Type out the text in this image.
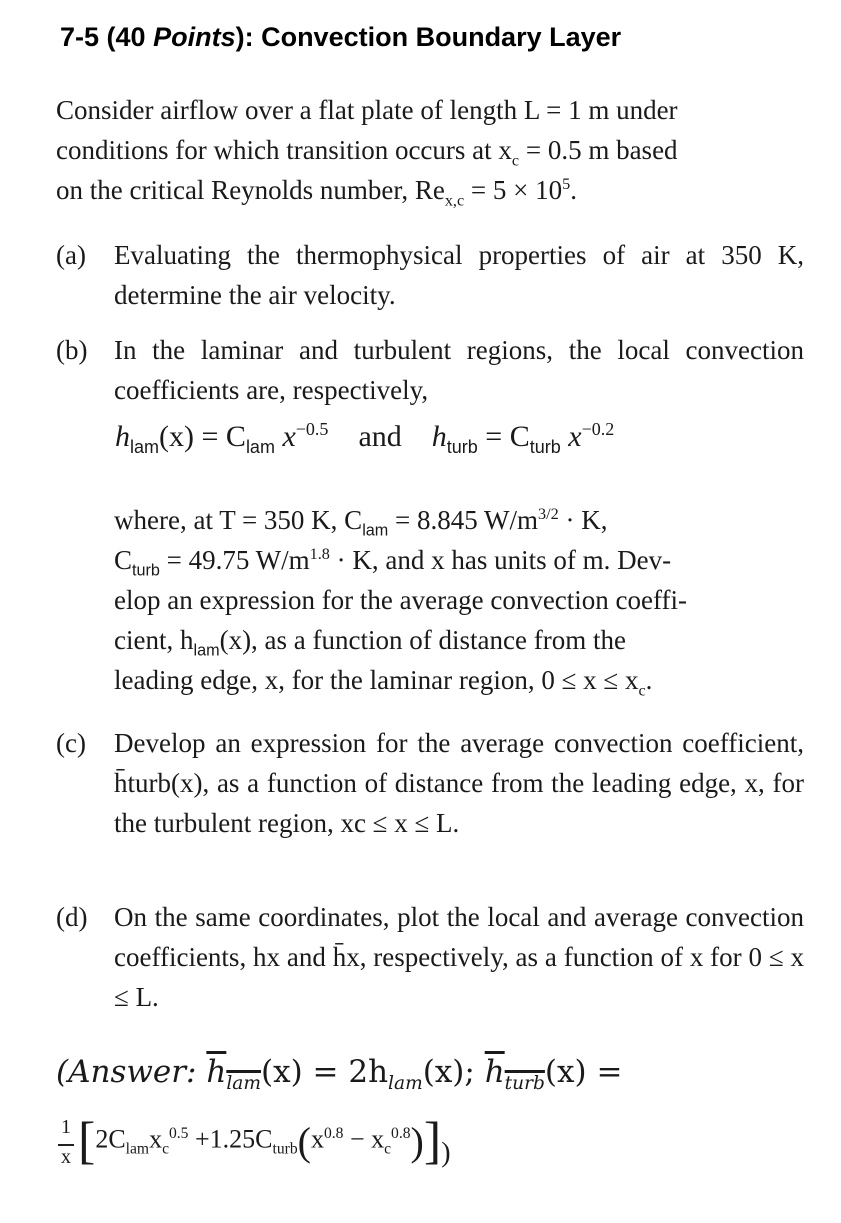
7-5 (40 Points): Convection Boundary Layer
Consider airflow over a flat plate of length L = 1 m under
conditions for which transition occurs at $x_c = 0.5$ m based
on the critical Reynolds number, $Re_{x,c} = 5 \times 10^5$.
(a) Evaluating the thermophysical properties of air at 350 K, determine the air velocity.
(b) In the laminar and turbulent regions, the local convection coefficients are, respectively,
$h_{lam}(x) = C_{lam}$ $x^{-0.5}$ and $h_{turb} = C_{turb}$ $x^{-0.2}$
where, at T = 350 K, $C_{lam} = 8.845$ $W/m^{3/2} \cdot K$,
$C_{turb} = 49.75$ $W/m^{1.8} \cdot K$, and x has units of m. Dev-
elop an expression for the average convection coeffi-
cient, $h_{lam}(x)$, as a function of distance from the
leading edge, x, for the laminar region, $0 \le x \le x_c$.
(c) Develop an expression for the average convection coefficient, h̄turb(x), as a function of distance from the leading edge, x, for the turbulent region, xc ≤ x ≤ L.
(d) On the same coordinates, plot the local and average convection coefficients, hx and h̄x, respectively, as a function of x for 0 ≤ x ≤ L.
(Answer: $h_{lam}(x) = 2h_{lam}(x)$; $h_{turb}(x)$ =
1
x $[2C_{lam}x_c^{0.5} +1.25C_{turb}(x^{0.8} - x_c^{0.8})]$)
